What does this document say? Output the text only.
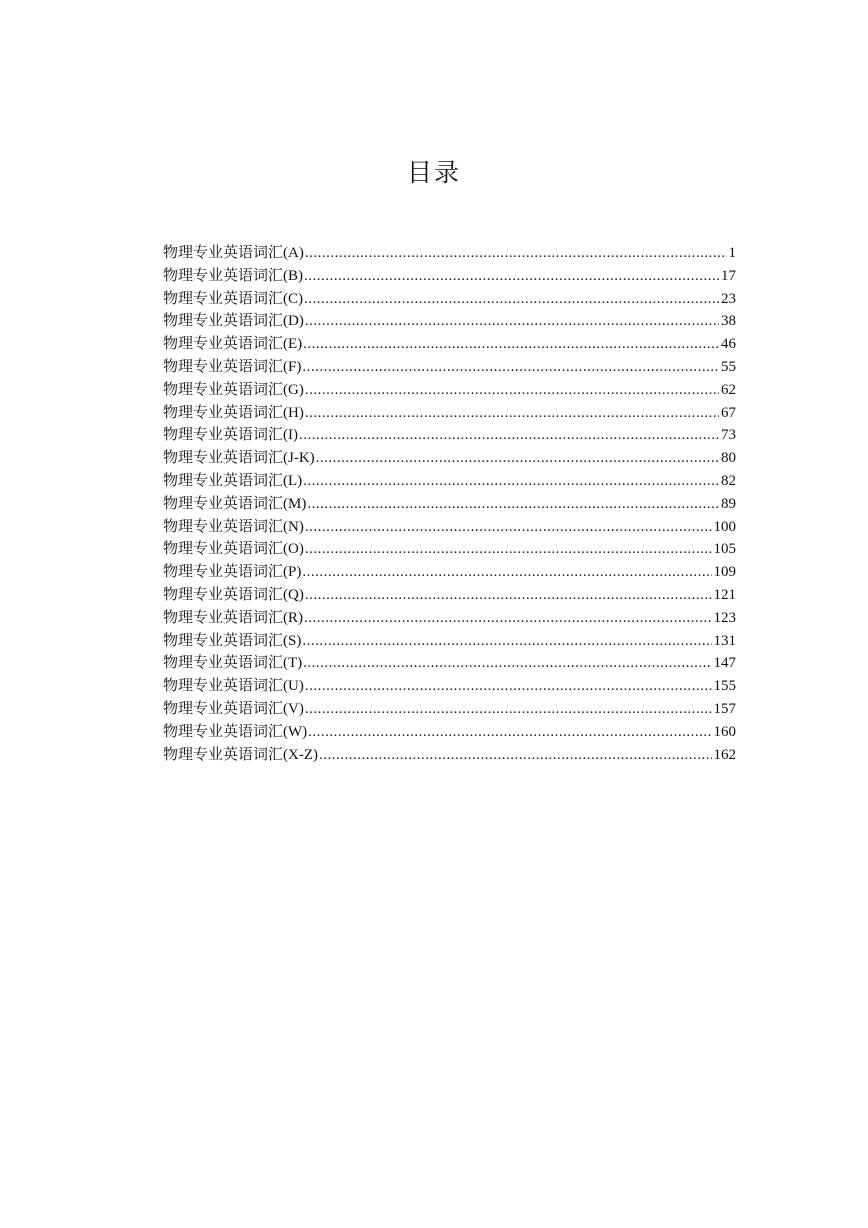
目录
物理专业英语词汇(A) .....	1
物理专业英语词汇(B) .....	17
物理专业英语词汇(C) .....	23
物理专业英语词汇(D) .....	38
物理专业英语词汇(E) .....	46
物理专业英语词汇(F) .....	55
物理专业英语词汇(G) .....	62
物理专业英语词汇(H) .....	67
物理专业英语词汇(I) .....	73
物理专业英语词汇(J-K) .....	80
物理专业英语词汇(L) .....	82
物理专业英语词汇(M) .....	89
物理专业英语词汇(N) .....	100
物理专业英语词汇(O) .....	105
物理专业英语词汇(P) .....	109
物理专业英语词汇(Q) .....	121
物理专业英语词汇(R) .....	123
物理专业英语词汇(S) .....	131
物理专业英语词汇(T) .....	147
物理专业英语词汇(U) .....	155
物理专业英语词汇(V) .....	157
物理专业英语词汇(W) .....	160
物理专业英语词汇(X-Z) .....	162
